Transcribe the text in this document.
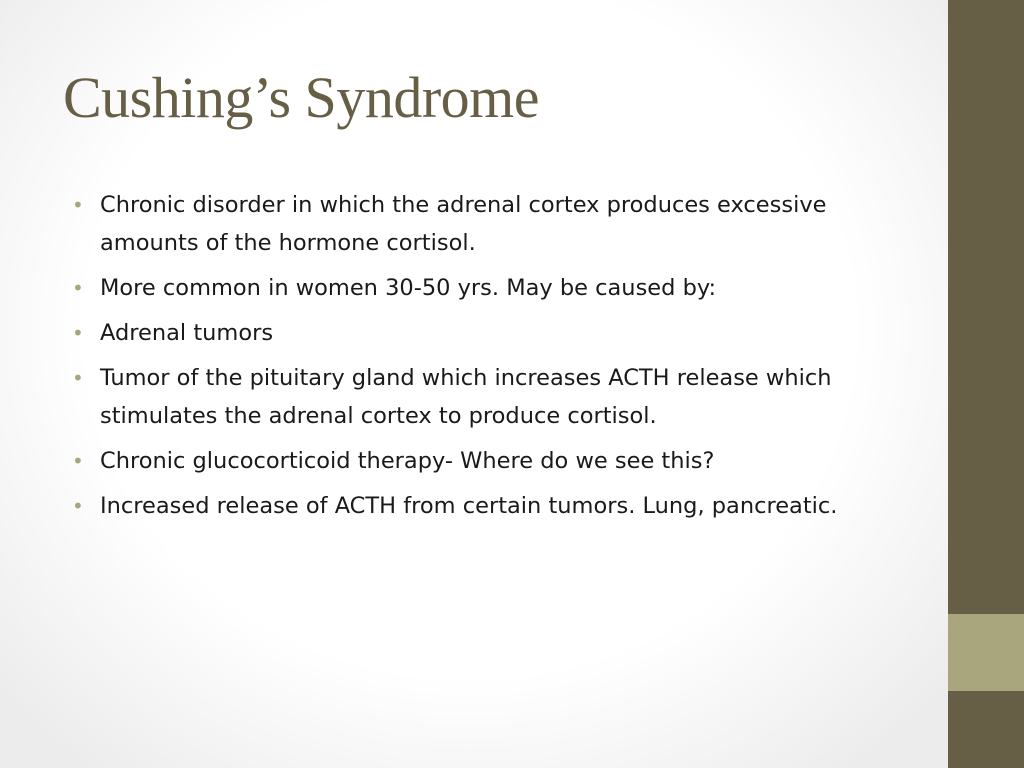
Cushing’s Syndrome
• Chronic disorder in which the adrenal cortex produces excessive amounts of the hormone cortisol.
• More common in women 30-50 yrs. May be caused by:
• Adrenal tumors
• Tumor of the pituitary gland which increases ACTH release which stimulates the adrenal cortex to produce cortisol.
• Chronic glucocorticoid therapy- Where do we see this?
• Increased release of ACTH from certain tumors. Lung, pancreatic.
